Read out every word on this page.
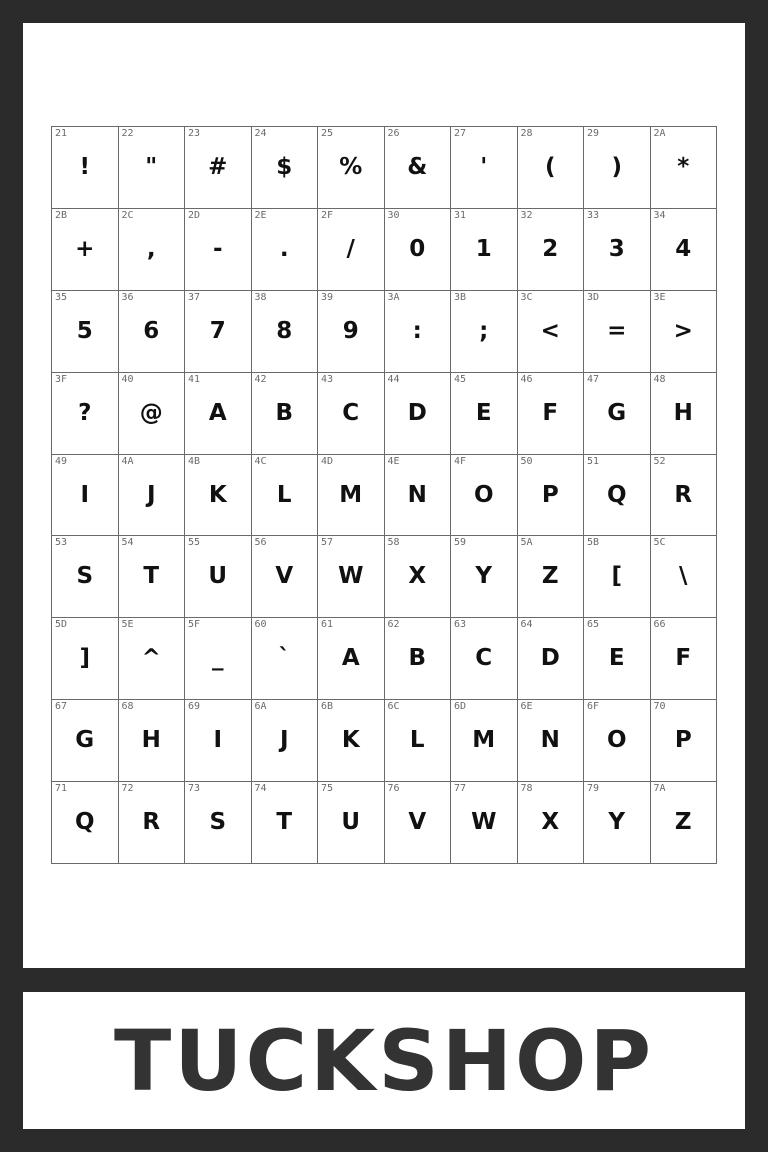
21
!
22
"
23
#
24
$
25
%
26
&
27
'
28
(
29
)
2A
*
2B
+
2C
,
2D
-
2E
.
2F
/
30
0
31
1
32
2
33
3
34
4
35
5
36
6
37
7
38
8
39
9
3A
:
3B
;
3C
<
3D
=
3E
>
3F
?
40
@
41
A
42
B
43
C
44
D
45
E
46
F
47
G
48
H
49
I
4A
J
4B
K
4C
L
4D
M
4E
N
4F
O
50
P
51
Q
52
R
53
S
54
T
55
U
56
V
57
W
58
X
59
Y
5A
Z
5B
[
5C
\
5D
]
5E
^
5F
_
60
`
61
A
62
B
63
C
64
D
65
E
66
F
67
G
68
H
69
I
6A
J
6B
K
6C
L
6D
M
6E
N
6F
O
70
P
71
Q
72
R
73
S
74
T
75
U
76
V
77
W
78
X
79
Y
7A
Z
TUCKSHOP
